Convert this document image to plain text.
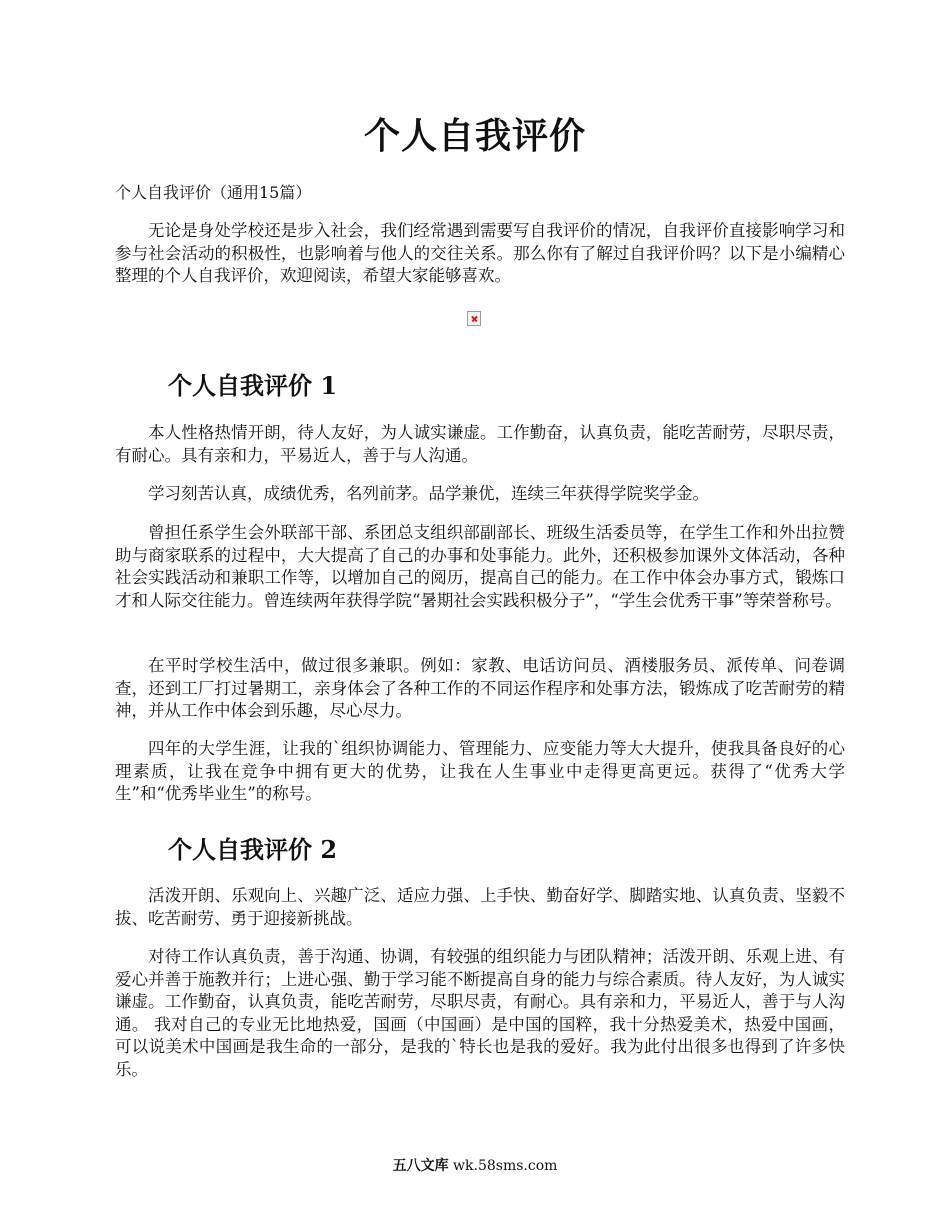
个人自我评价
个人自我评价（通用15篇）

无论是身处学校还是步入社会，我们经常遇到需要写自我评价的情况，自我评价直接影响学习和参与社会活动的积极性，也影响着与他人的交往关系。那么你有了解过自我评价吗？以下是小编精心整理的个人自我评价，欢迎阅读，希望大家能够喜欢。

个人自我评价 1

本人性格热情开朗，待人友好，为人诚实谦虚。工作勤奋，认真负责，能吃苦耐劳，尽职尽责，有耐心。具有亲和力，平易近人，善于与人沟通。

学习刻苦认真，成绩优秀，名列前茅。品学兼优，连续三年获得学院奖学金。

曾担任系学生会外联部干部、系团总支组织部副部长、班级生活委员等，在学生工作和外出拉赞助与商家联系的过程中，大大提高了自己的办事和处事能力。此外，还积极参加课外文体活动，各种社会实践活动和兼职工作等，以增加自己的阅历，提高自己的能力。在工作中体会办事方式，锻炼口才和人际交往能力。曾连续两年获得学院“暑期社会实践积极分子”，“学生会优秀干事”等荣誉称号。

在平时学校生活中，做过很多兼职。例如：家教、电话访问员、酒楼服务员、派传单、问卷调查，还到工厂打过暑期工，亲身体会了各种工作的不同运作程序和处事方法，锻炼成了吃苦耐劳的精神，并从工作中体会到乐趣，尽心尽力。

四年的大学生涯，让我的`组织协调能力、管理能力、应变能力等大大提升，使我具备良好的心理素质，让我在竞争中拥有更大的优势，让我在人生事业中走得更高更远。获得了“优秀大学生”和“优秀毕业生”的称号。

个人自我评价 2

活泼开朗、乐观向上、兴趣广泛、适应力强、上手快、勤奋好学、脚踏实地、认真负责、坚毅不拔、吃苦耐劳、勇于迎接新挑战。

对待工作认真负责，善于沟通、协调，有较强的组织能力与团队精神；活泼开朗、乐观上进、有爱心并善于施教并行；上进心强、勤于学习能不断提高自身的能力与综合素质。待人友好，为人诚实谦虚。工作勤奋，认真负责，能吃苦耐劳，尽职尽责，有耐心。具有亲和力，平易近人，善于与人沟通。 我对自己的专业无比地热爱，国画（中国画）是中国的国粹，我十分热爱美术，热爱中国画，可以说美术中国画是我生命的一部分，是我的`特长也是我的爱好。我为此付出很多也得到了许多快乐。

五八文库 wk.58sms.com
